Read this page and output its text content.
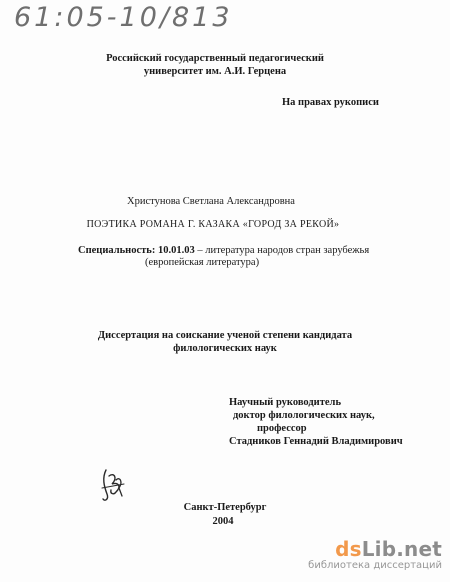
61:05-10/813
Российский государственный педагогический
университет им. А.И. Герцена
На правах рукописи
Христунова Светлана Александровна
ПОЭТИКА РОМАНА Г. КАЗАКА «ГОРОД ЗА РЕКОЙ»
Специальность: 10.01.03 – литература народов стран зарубежья
(европейская литература)
Диссертация на соискание ученой степени кандидата
филологических наук
Научный руководитель
доктор филологических наук,
профессор
Стадников Геннадий Владимирович
Санкт-Петербург
2004
dsLib.net
библиотека диссертаций
